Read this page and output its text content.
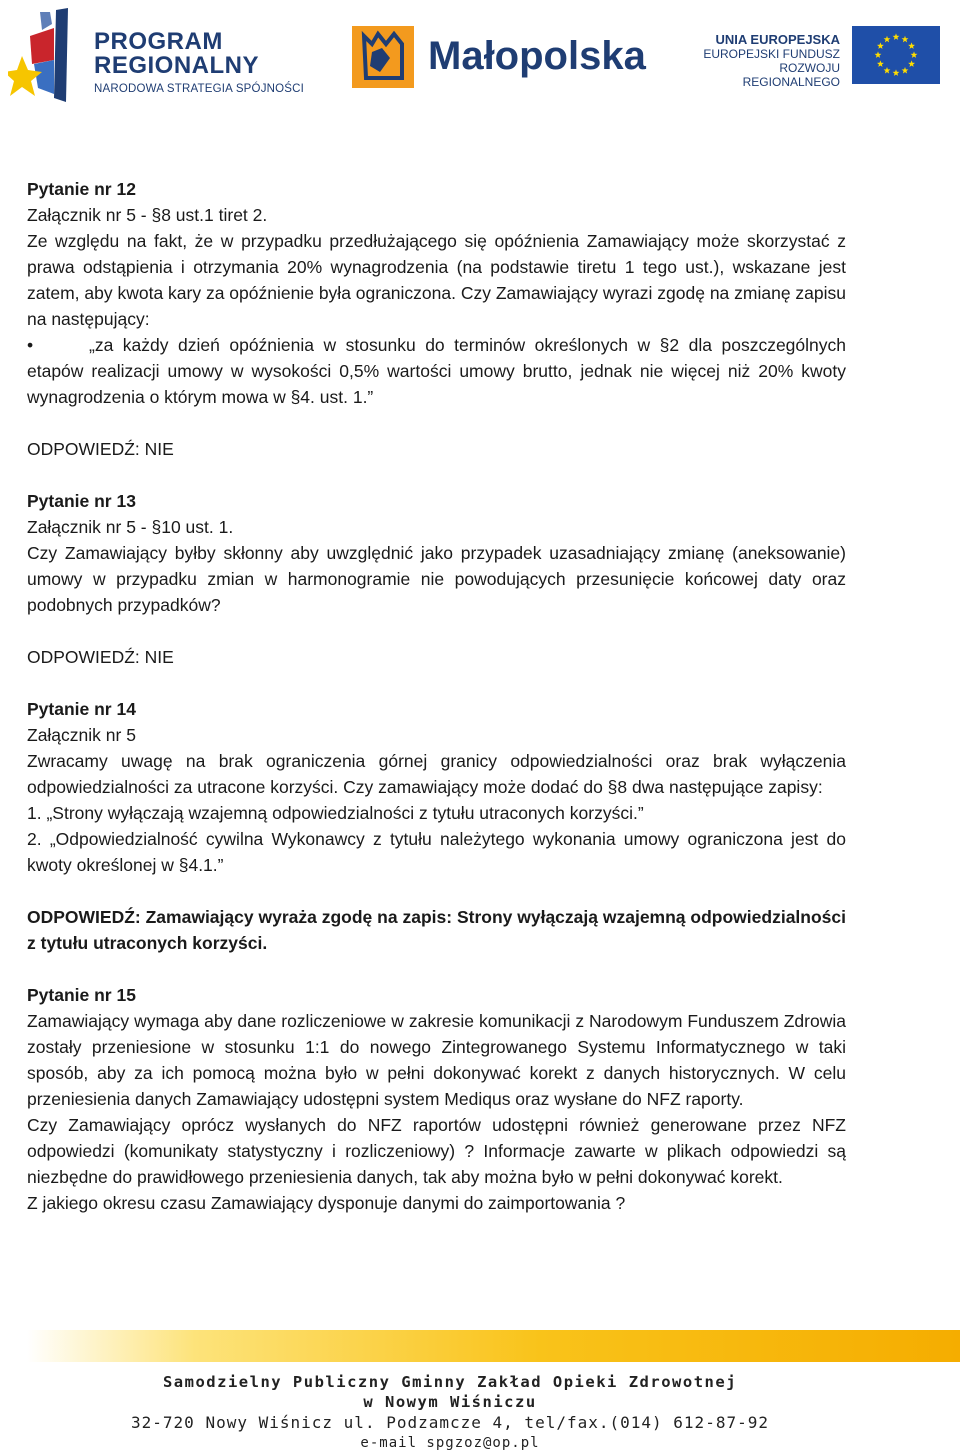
PROGRAM
REGIONALNY
NARODOWA STRATEGIA SPÓJNOŚCI
Małopolska	UNIA EUROPEJSKA
EUROPEJSKI FUNDUSZ
ROZWOJU REGIONALNEGO

Pytanie nr 12

Załącznik nr 5 - §8 ust.1 tiret 2.

Ze względu na fakt, że w przypadku przedłużającego się opóźnienia Zamawiający może skorzystać z prawa odstąpienia i otrzymania 20% wynagrodzenia (na podstawie tiretu 1 tego ust.), wskazane jest zatem, aby kwota kary za opóźnienie była ograniczona. Czy Zamawiający wyrazi zgodę na zmianę zapisu na następujący:

•	„za każdy dzień opóźnienia w stosunku do terminów określonych w §2 dla poszczególnych etapów realizacji umowy w wysokości 0,5% wartości umowy brutto, jednak nie więcej niż 20% kwoty wynagrodzenia o którym mowa w §4. ust. 1.”

ODPOWIEDŹ: NIE

Pytanie nr 13

Załącznik nr 5 - §10 ust. 1.

Czy Zamawiający byłby skłonny aby uwzględnić jako przypadek uzasadniający zmianę (aneksowanie) umowy w przypadku zmian w harmonogramie nie powodujących przesunięcie końcowej daty oraz podobnych przypadków?

ODPOWIEDŹ: NIE

Pytanie nr 14

Załącznik nr 5

Zwracamy uwagę na brak ograniczenia górnej granicy odpowiedzialności oraz brak wyłączenia odpowiedzialności za utracone korzyści. Czy zamawiający może dodać do §8 dwa następujące zapisy:

1. „Strony wyłączają wzajemną odpowiedzialności z tytułu utraconych korzyści.”

2. „Odpowiedzialność cywilna Wykonawcy z tytułu należytego wykonania umowy ograniczona jest do kwoty określonej w §4.1.”

ODPOWIEDŹ: Zamawiający wyraża zgodę na zapis: Strony wyłączają wzajemną odpowiedzialności z tytułu utraconych korzyści.

Pytanie nr 15

Zamawiający wymaga aby dane rozliczeniowe w zakresie komunikacji z Narodowym Funduszem Zdrowia zostały przeniesione w stosunku 1:1 do nowego Zintegrowanego Systemu Informatycznego w taki sposób, aby za ich pomocą można było w pełni dokonywać korekt z danych historycznych. W celu przeniesienia danych Zamawiający udostępni system Mediqus oraz wysłane do NFZ raporty.

Czy Zamawiający oprócz wysłanych do NFZ raportów udostępni również generowane przez NFZ odpowiedzi (komunikaty statystyczny i rozliczeniowy) ? Informacje zawarte w plikach odpowiedzi są niezbędne do prawidłowego przeniesienia danych, tak aby można było w pełni dokonywać korekt.

Z jakiego okresu czasu Zamawiający dysponuje danymi do zaimportowania ?

Samodzielny Publiczny Gminny Zakład Opieki Zdrowotnej
w Nowym Wiśniczu
32-720 Nowy Wiśnicz ul. Podzamcze 4, tel/fax.(014) 612-87-92
e-mail spgzoz@op.pl
